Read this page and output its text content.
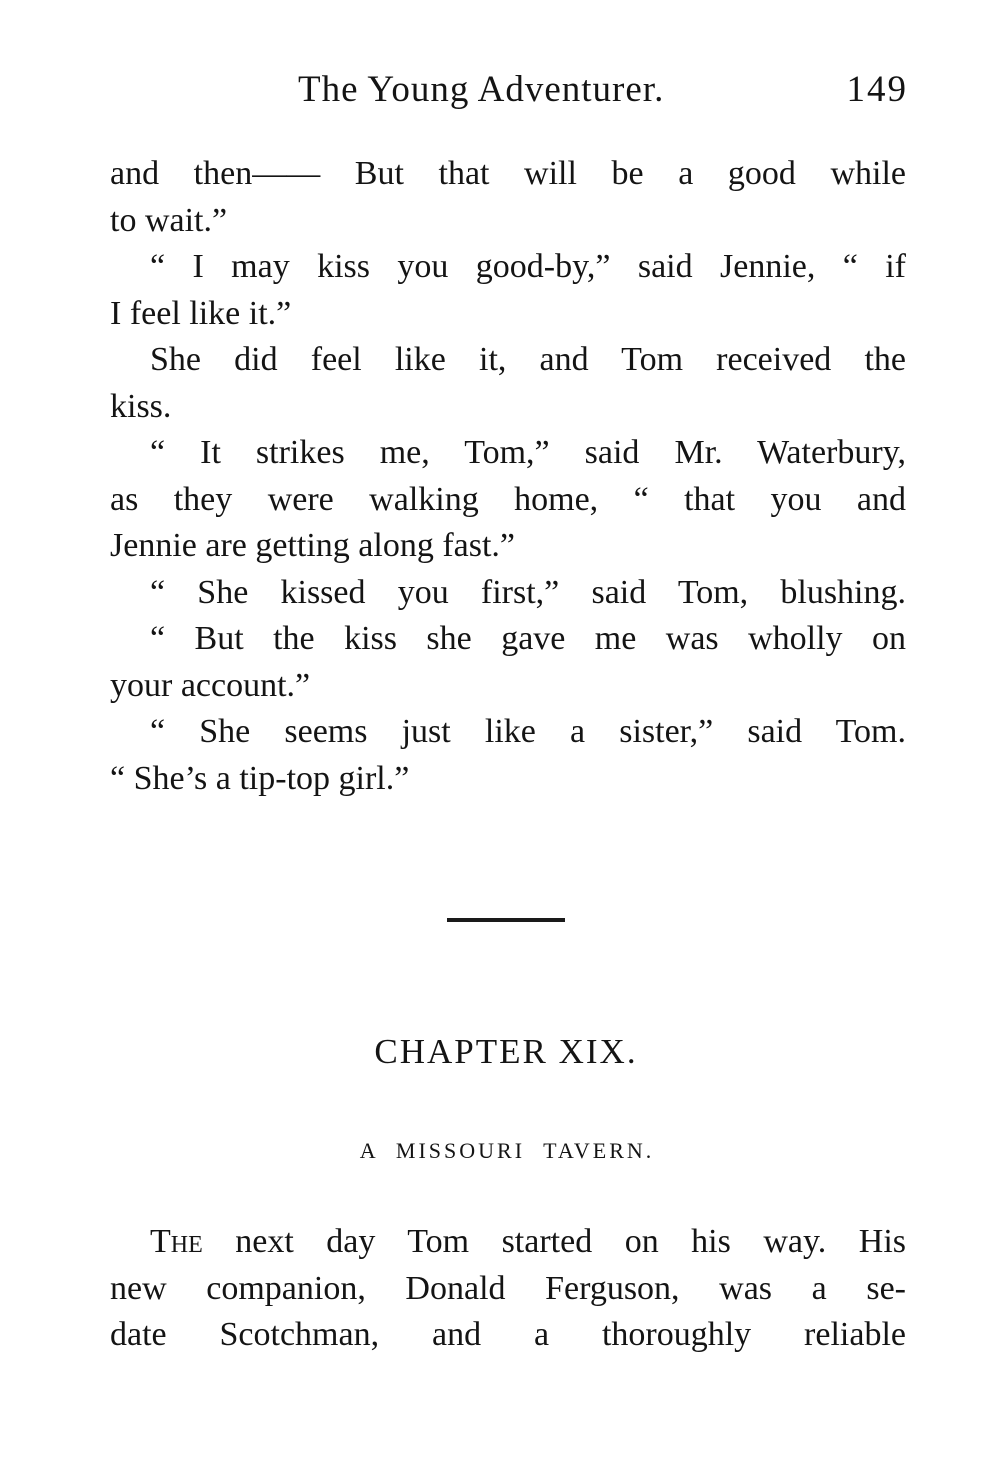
The Young Adventurer.	149
and then—— But that will be a good while
to wait.”
“ I may kiss you good-by,” said Jennie, “ if
I feel like it.”
She did feel like it, and Tom received the
kiss.
“ It strikes me, Tom,” said Mr. Waterbury,
as they were walking home, “ that you and
Jennie are getting along fast.”
“ She kissed you first,” said Tom, blushing.
“ But the kiss she gave me was wholly on
your account.”
“ She seems just like a sister,” said Tom.
“ She’s a tip-top girl.”
CHAPTER XIX.
A MISSOURI TAVERN.
The next day Tom started on his way. His
new companion, Donald Ferguson, was a se-
date Scotchman, and a thoroughly reliable
